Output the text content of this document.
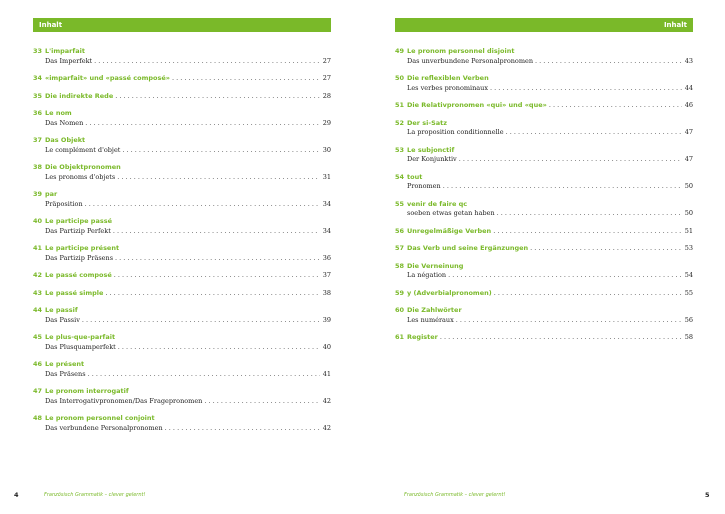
Inhalt
33 L'imparfait
Das Imperfekt . . .	27
34 «imparfait» und «passé composé» . . .	27
35 Die indirekte Rede . . .	28
36 Le nom
Das Nomen . . .	29
37 Das Objekt
Le complément d'objet . . .	30
38 Die Objektpronomen
Les pronoms d'objets . . .	31
39 par
Präposition . . .	34
40 Le participe passé
Das Partizip Perfekt . . .	34
41 Le participe présent
Das Partizip Präsens . . .	36
42 Le passé composé . . .	37
43 Le passé simple . . .	38
44 Le passif
Das Passiv . . .	39
45 Le plus-que-parfait
Das Plusquamperfekt . . .	40
46 Le présent
Das Präsens . . .	41
47 Le pronom interrogatif
Das Interrogativpronomen/Das Fragepronomen . . .	42
48 Le pronom personnel conjoint
Das verbundene Personalpronomen . . .	42
4	Französisch Grammatik – clever gelernt!
Inhalt
49 Le pronom personnel disjoint
Das unverbundene Personalpronomen . . .	43
50 Die reflexiblen Verben
Les verbes pronominaux . . .	44
51 Die Relativpronomen «qui» und «que» . . .	46
52 Der si-Satz
La proposition conditionnelle . . .	47
53 Le subjonctif
Der Konjunktiv . . .	47
54 tout
Pronomen . . .	50
55 venir de faire qc
soeben etwas getan haben . . .	50
56 Unregelmäßige Verben . . .	51
57 Das Verb und seine Ergänzungen . . .	53
58 Die Verneinung
La négation . . .	54
59 y (Adverbialpronomen) . . .	55
60 Die Zahlwörter
Les numéraux . . .	56
61 Register . . .	58
5
Französisch Grammatik – clever gelernt!
